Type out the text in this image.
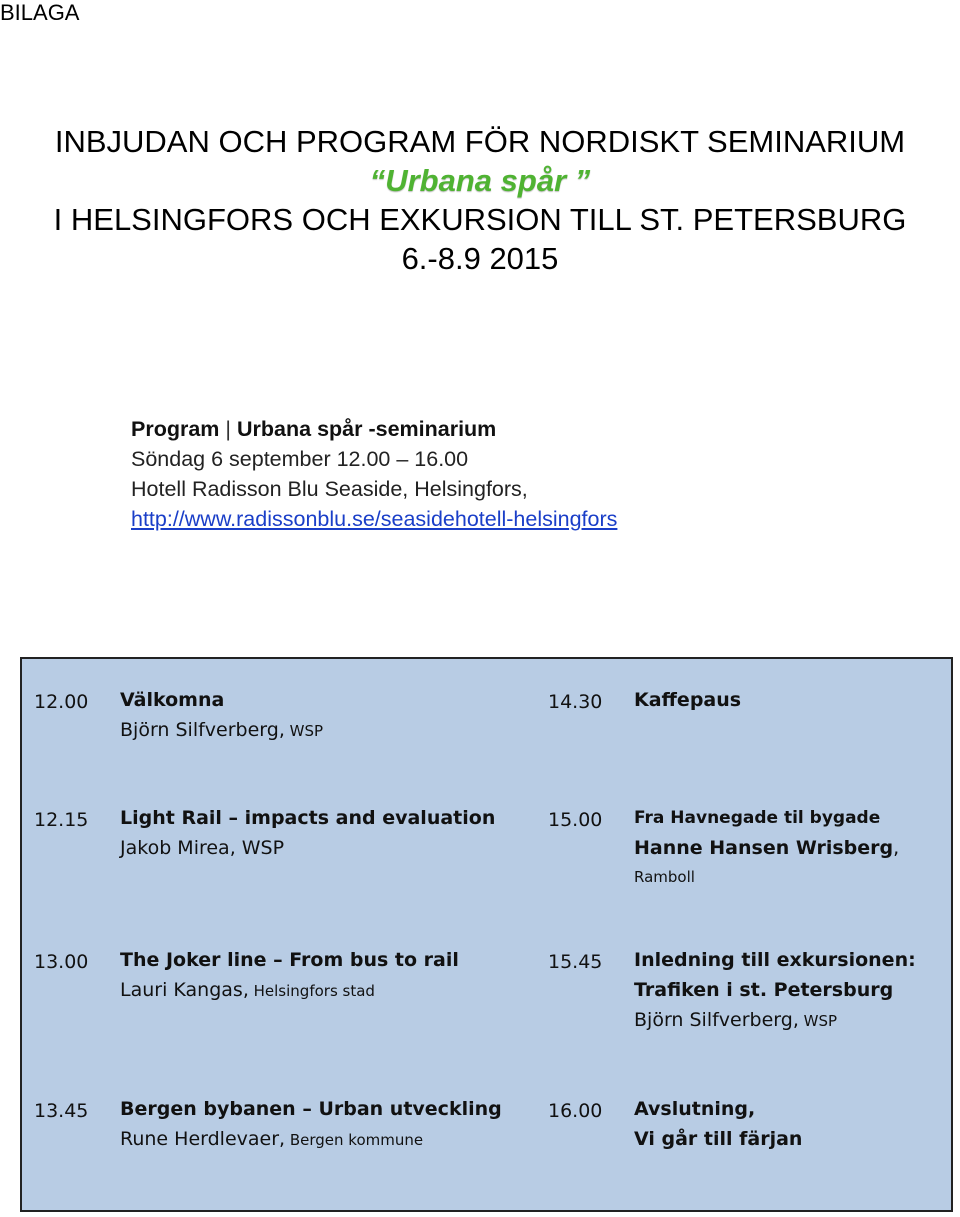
BILAGA
INBJUDAN OCH PROGRAM FÖR NORDISKT SEMINARIUM
“Urbana spår ”
I HELSINGFORS OCH EXKURSION TILL ST. PETERSBURG
6.-8.9 2015
Program | Urbana spår -seminarium
Söndag 6 september 12.00 – 16.00
Hotell Radisson Blu Seaside, Helsingfors,
http://www.radissonblu.se/seasidehotell-helsingfors
12.00 Välkomna
Björn Silfverberg, WSP
12.15 Light Rail – impacts and evaluation
Jakob Mirea, WSP
13.00 The Joker line – From bus to rail
Lauri Kangas, Helsingfors stad
13.45 Bergen bybanen – Urban utveckling
Rune Herdlevaer, Bergen kommune
14.30 Kaffepaus
15.00 Fra Havnegade til bygade
Hanne Hansen Wrisberg,
Ramboll
15.45 Inledning till exkursionen:
Trafiken i st. Petersburg
Björn Silfverberg, WSP
16.00 Avslutning,
Vi går till färjan
